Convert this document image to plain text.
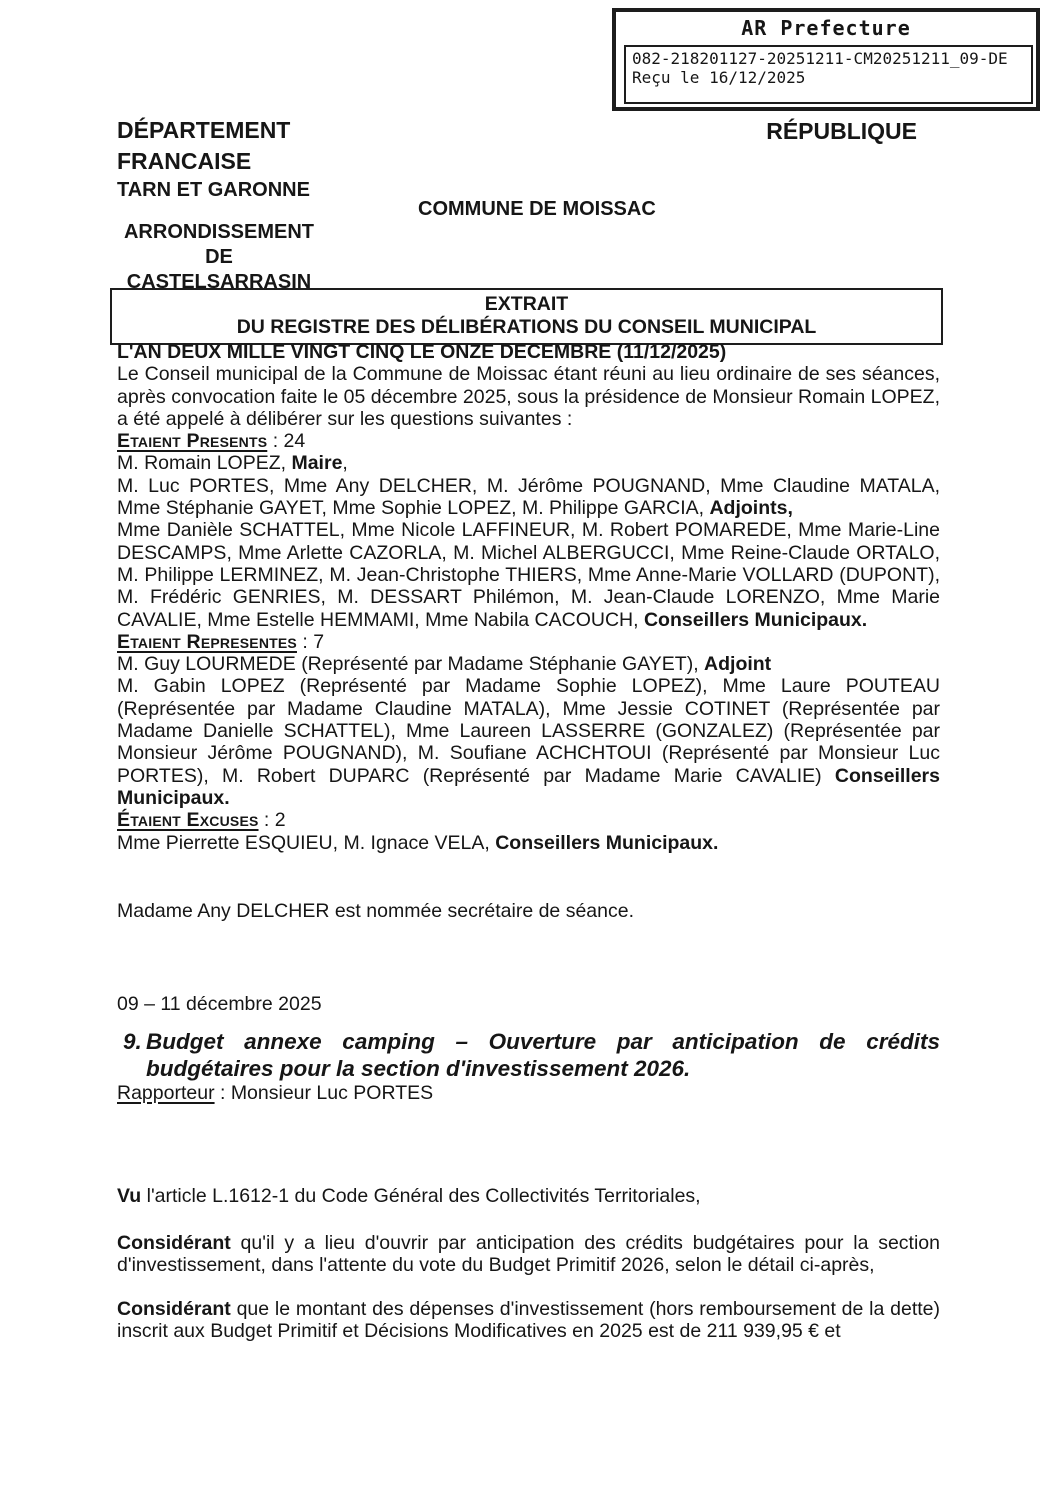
AR Prefecture
082-218201127-20251211-CM20251211_09-DE
Reçu le 16/12/2025
DÉPARTEMENT
FRANCAISE
TARN ET GARONNE
ARRONDISSEMENT
DE
CASTELSARRASIN
RÉPUBLIQUE
COMMUNE DE MOISSAC
EXTRAIT
DU REGISTRE DES DÉLIBÉRATIONS DU CONSEIL MUNICIPAL
L'AN DEUX MILLE VINGT CINQ LE ONZE DECEMBRE (11/12/2025)
Le Conseil municipal de la Commune de Moissac étant réuni au lieu ordinaire de ses séances, après convocation faite le 05 décembre 2025, sous la présidence de Monsieur Romain LOPEZ, a été appelé à délibérer sur les questions suivantes :
Etaient Presents : 24
M. Romain LOPEZ, Maire,
M. Luc PORTES, Mme Any DELCHER, M. Jérôme POUGNAND, Mme Claudine MATALA, Mme Stéphanie GAYET, Mme Sophie LOPEZ, M. Philippe GARCIA, Adjoints,
Mme Danièle SCHATTEL, Mme Nicole LAFFINEUR, M. Robert POMAREDE, Mme Marie-Line DESCAMPS, Mme Arlette CAZORLA, M. Michel ALBERGUCCI, Mme Reine-Claude ORTALO, M. Philippe LERMINEZ, M. Jean-Christophe THIERS, Mme Anne-Marie VOLLARD (DUPONT), M. Frédéric GENRIES, M. DESSART Philémon, M. Jean-Claude LORENZO, Mme Marie CAVALIE, Mme Estelle HEMMAMI, Mme Nabila CACOUCH, Conseillers Municipaux.
Etaient Representes : 7
M. Guy LOURMEDE (Représenté par Madame Stéphanie GAYET), Adjoint
M. Gabin LOPEZ (Représenté par Madame Sophie LOPEZ), Mme Laure POUTEAU (Représentée par Madame Claudine MATALA), Mme Jessie COTINET (Représentée par Madame Danielle SCHATTEL), Mme Laureen LASSERRE (GONZALEZ) (Représentée par Monsieur Jérôme POUGNAND), M. Soufiane ACHCHTOUI (Représenté par Monsieur Luc PORTES), M. Robert DUPARC (Représenté par Madame Marie CAVALIE) Conseillers Municipaux.
Étaient Excuses : 2
Mme Pierrette ESQUIEU, M. Ignace VELA, Conseillers Municipaux.
Madame Any DELCHER est nommée secrétaire de séance.
09 – 11 décembre 2025
9. Budget annexe camping – Ouverture par anticipation de crédits budgétaires pour la section d'investissement 2026.
Rapporteur : Monsieur Luc PORTES
Vu l'article L.1612-1 du Code Général des Collectivités Territoriales,
Considérant qu'il y a lieu d'ouvrir par anticipation des crédits budgétaires pour la section d'investissement, dans l'attente du vote du Budget Primitif 2026, selon le détail ci-après,
Considérant que le montant des dépenses d'investissement (hors remboursement de la dette) inscrit aux Budget Primitif et Décisions Modificatives en 2025 est de 211 939,95 € et
